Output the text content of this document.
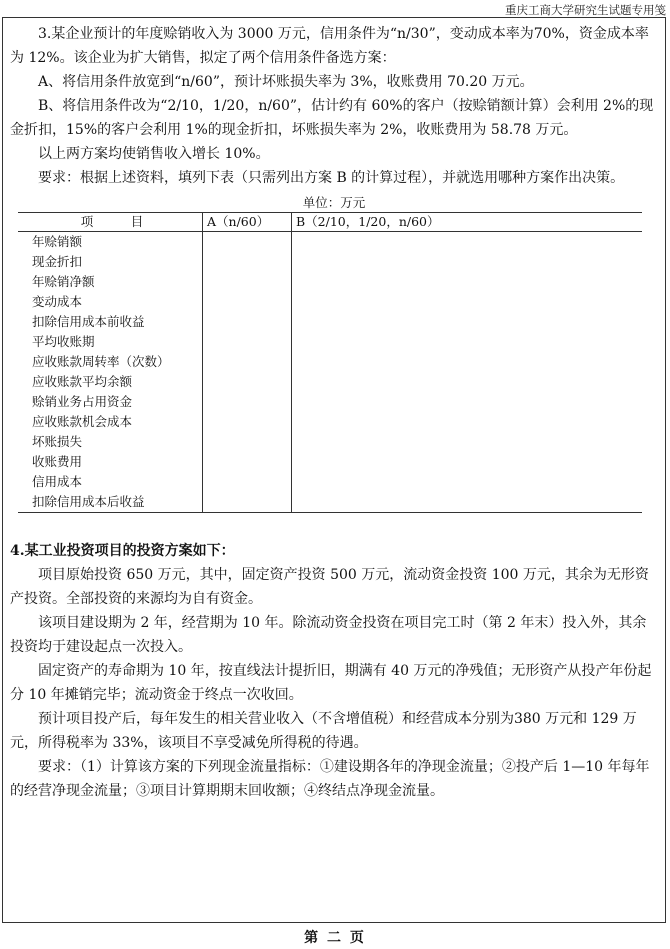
重庆工商大学研究生试题专用笺

3.某企业预计的年度赊销收入为 3000 万元，信用条件为“n/30”，变动成本率为70%，资金成本率为 12%。该企业为扩大销售，拟定了两个信用条件备选方案：

A、将信用条件放宽到“n/60”，预计坏账损失率为 3%，收账费用 70.20 万元。

B、将信用条件改为“2/10，1/20，n/60”，估计约有 60%的客户（按赊销额计算）会利用 2%的现金折扣，15%的客户会利用 1%的现金折扣，坏账损失率为 2%，收账费用为 58.78 万元。

以上两方案均使销售收入增长 10%。

要求：根据上述资料，填列下表（只需列出方案 B 的计算过程），并就选用哪种方案作出决策。

单位：万元
项　　　目	A（n/60）	B（2/10，1/20，n/60）
年赊销额		
现金折扣		
年赊销净额		
变动成本		
扣除信用成本前收益		
平均收账期		
应收账款周转率（次数）		
应收账款平均余额		
赊销业务占用资金		
应收账款机会成本		
坏账损失		
收账费用		
信用成本		
扣除信用成本后收益		

4.某工业投资项目的投资方案如下：

项目原始投资 650 万元，其中，固定资产投资 500 万元，流动资金投资 100 万元，其余为无形资产投资。全部投资的来源均为自有资金。

该项目建设期为 2 年，经营期为 10 年。除流动资金投资在项目完工时（第 2 年末）投入外，其余投资均于建设起点一次投入。

固定资产的寿命期为 10 年，按直线法计提折旧，期满有 40 万元的净残值；无形资产从投产年份起分 10 年摊销完毕；流动资金于终点一次收回。

预计项目投产后，每年发生的相关营业收入（不含增值税）和经营成本分别为380 万元和 129 万元，所得税率为 33%，该项目不享受减免所得税的待遇。

要求：（1）计算该方案的下列现金流量指标：①建设期各年的净现金流量；②投产后 1—10 年每年的经营净现金流量；③项目计算期期末回收额；④终结点净现金流量。

第 二 页
